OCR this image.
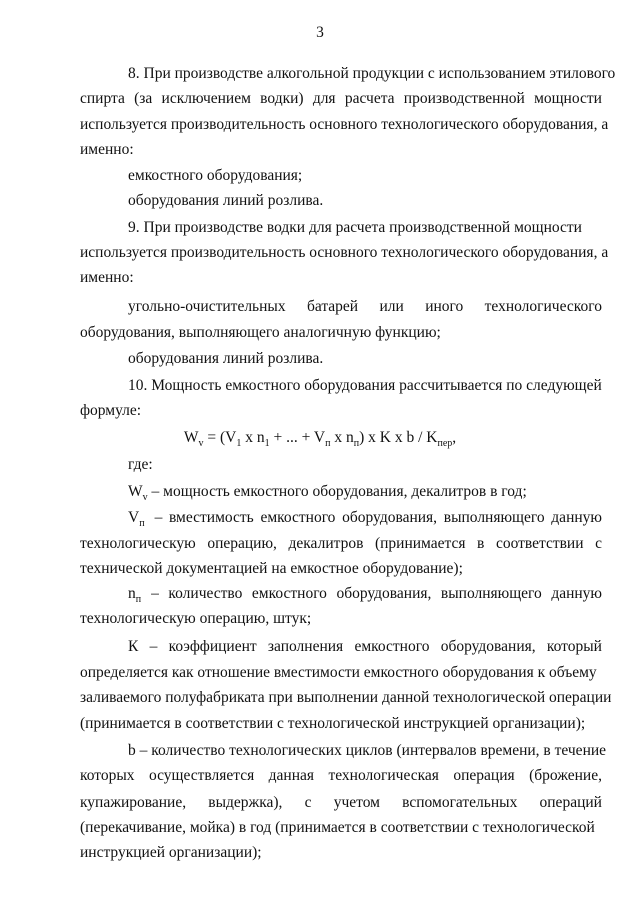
3
8. При производстве алкогольной продукции с использованием этилового
спирта (за исключением водки) для расчета производственной мощности
используется производительность основного технологического оборудования, а
именно:
емкостного оборудования;
оборудования линий розлива.
9. При производстве водки для расчета производственной мощности
используется производительность основного технологического оборудования, а
именно:
угольно-очистительных батарей или иного технологического
оборудования, выполняющего аналогичную функцию;
оборудования линий розлива.
10. Мощность емкостного оборудования рассчитывается по следующей
формуле:
$W_v = (V_1$ x $n_1$ + ... + $V_п$ x $n_п$) x K x b / $K_{пер}$,
где:
$W_v$ – мощность емкостного оборудования, декалитров в год;
$V_п$ – вместимость емкостного оборудования, выполняющего данную
технологическую операцию, декалитров (принимается в соответствии с
технической документацией на емкостное оборудование);
$n_п$ – количество емкостного оборудования, выполняющего данную
технологическую операцию, штук;
К – коэффициент заполнения емкостного оборудования, который
определяется как отношение вместимости емкостного оборудования к объему
заливаемого полуфабриката при выполнении данной технологической операции
(принимается в соответствии с технологической инструкцией организации);
b – количество технологических циклов (интервалов времени, в течение
которых осуществляется данная технологическая операция (брожение,
купажирование, выдержка), с учетом вспомогательных операций
(перекачивание, мойка) в год (принимается в соответствии с технологической
инструкцией организации);
